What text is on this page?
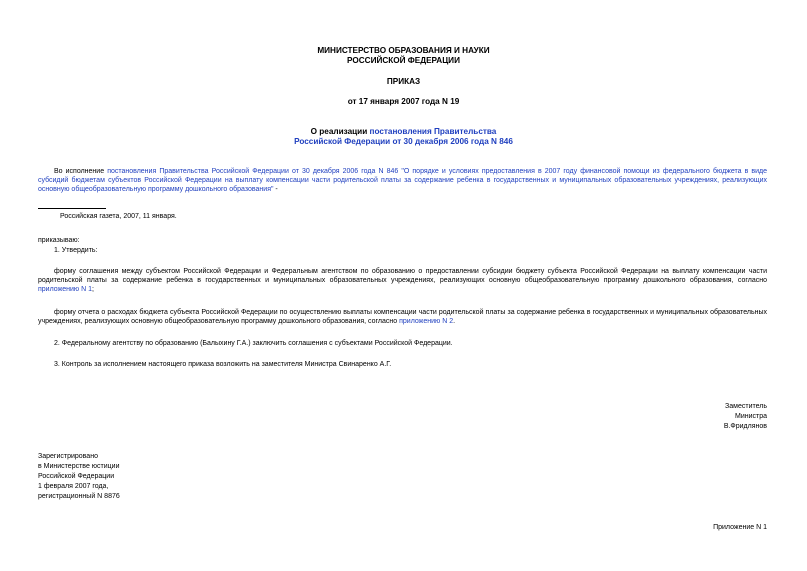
МИНИСТЕРСТВО ОБРАЗОВАНИЯ И НАУКИ
РОССИЙСКОЙ ФЕДЕРАЦИИ
ПРИКАЗ
от 17 января 2007 года N 19
О реализации постановления Правительства
Российской Федерации от 30 декабря 2006 года N 846
Во исполнение постановления Правительства Российской Федерации от 30 декабря 2006 года N 846 "О порядке и условиях предоставления в 2007 году финансовой помощи из федерального бюджета в виде субсидий бюджетам субъектов Российской Федерации на выплату компенсации части родительской платы за содержание ребенка в государственных и муниципальных образовательных учреждениях, реализующих основную общеобразовательную программу дошкольного образования" -
Российская газета, 2007, 11 января.
приказываю:
1. Утвердить:
форму соглашения между субъектом Российской Федерации и Федеральным агентством по образованию о предоставлении субсидии бюджету субъекта Российской Федерации на выплату компенсации части родительской платы за содержание ребенка в государственных и муниципальных образовательных учреждениях, реализующих основную общеобразовательную программу дошкольного образования, согласно приложению N 1;
форму отчета о расходах бюджета субъекта Российской Федерации по осуществлению выплаты компенсации части родительской платы за содержание ребенка в государственных и муниципальных образовательных учреждениях, реализующих основную общеобразовательную программу дошкольного образования, согласно приложению N 2.
2. Федеральному агентству по образованию (Балыхину Г.А.) заключить соглашения с субъектами Российской Федерации.
3. Контроль за исполнением настоящего приказа возложить на заместителя Министра Свинаренко А.Г.
Заместитель
Министра
В.Фридлянов
Зарегистрировано
в Министерстве юстиции
Российской Федерации
1 февраля 2007 года,
регистрационный N 8876
Приложение N 1
